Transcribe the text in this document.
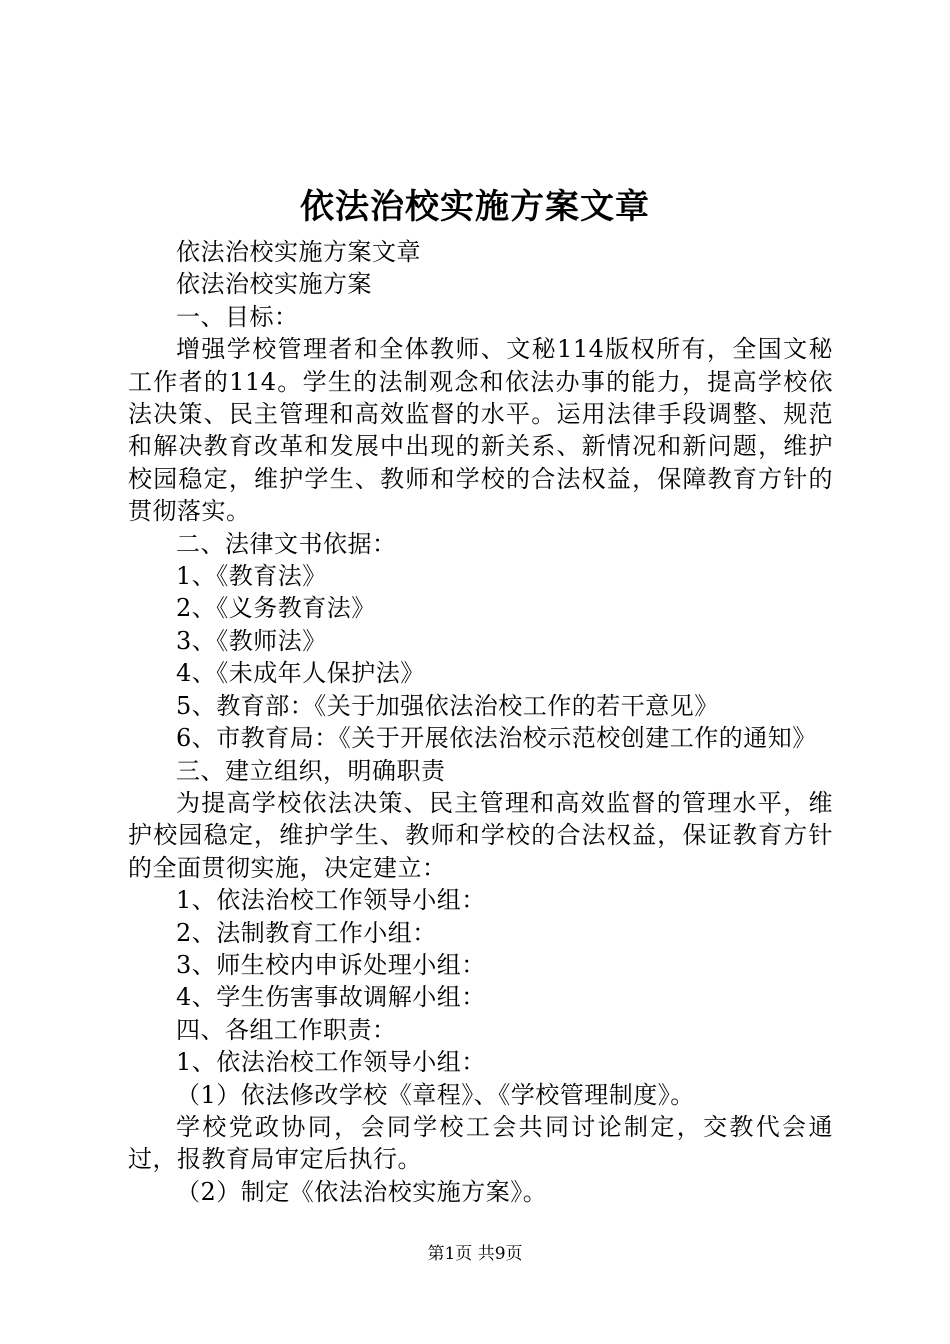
依法治校实施方案文章

依法治校实施方案文章

依法治校实施方案

一、目标：

增强学校管理者和全体教师、文秘114版权所有，全国文秘工作者的114。学生的法制观念和依法办事的能力，提高学校依法决策、民主管理和高效监督的水平。运用法律手段调整、规范和解决教育改革和发展中出现的新关系、新情况和新问题，维护校园稳定，维护学生、教师和学校的合法权益，保障教育方针的贯彻落实。

二、法律文书依据：

1、《教育法》

2、《义务教育法》

3、《教师法》

4、《未成年人保护法》

5、教育部：《关于加强依法治校工作的若干意见》

6、市教育局：《关于开展依法治校示范校创建工作的通知》

三、建立组织，明确职责

为提高学校依法决策、民主管理和高效监督的管理水平，维护校园稳定，维护学生、教师和学校的合法权益，保证教育方针的全面贯彻实施，决定建立：

1、依法治校工作领导小组：

2、法制教育工作小组：

3、师生校内申诉处理小组：

4、学生伤害事故调解小组：

四、各组工作职责：

1、依法治校工作领导小组：

（1）依法修改学校《章程》、《学校管理制度》。

学校党政协同，会同学校工会共同讨论制定，交教代会通过，报教育局审定后执行。

（2）制定《依法治校实施方案》。

第1页 共9页
